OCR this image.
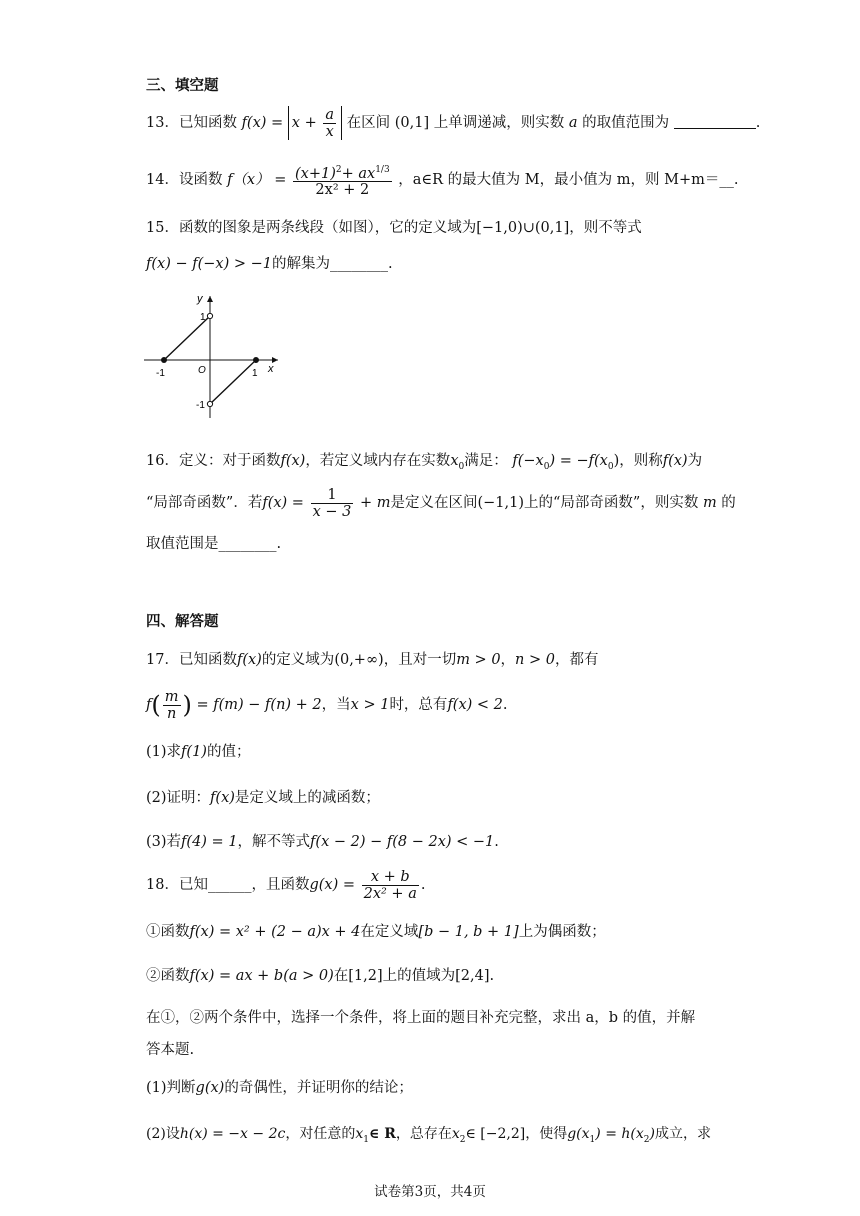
三、填空题
13．已知函数 $f(x) = x + \frac{a}{x}$ 在区间 (0,1] 上单调递减，则实数 a 的取值范围为	.
14．设函数 $f(x) = \frac{(x+1)^2+ ax^{1/3}}{\text{2x² + 2}}$ ，a∈R 的最大值为 M，最小值为 m，则 M+m＝__.
15．函数的图象是两条线段（如图），它的定义域为[−1,0)∪(0,1]，则不等式
f(x) − f(−x) > −1的解集为________.
y
x
O
1
-1
-1	1
16．定义：对于函数f(x)，若定义域内存在实数$x_0$满足： $f(-x_0) = -f(x_0)$，则称f(x)为
“局部奇函数”．若$f(x) = \frac{1}{x - 3} + m$是定义在区间(−1,1)上的“局部奇函数”，则实数 m 的
取值范围是________.
四、解答题
17．已知函数f(x)的定义域为(0,+∞)，且对一切m > 0，n > 0，都有
$f( \frac{m}{n}$ ) = f(m) − f(n) + 2，当x > 1时，总有f(x) < 2.
(1)求f(1)的值；
(2)证明：f(x)是定义域上的减函数；
(3)若f(4) = 1，解不等式f(x − 2) − f(8 − 2x) < −1.
18．已知______，且函数$g(x) = \frac{x + b}{\text{2x² + a}}$ .
①函数f(x) = x² + (2 − a)x + 4在定义域[b − 1, b + 1]上为偶函数；
②函数f(x) = ax + b(a > 0)在[1,2]上的值域为[2,4].
在①，②两个条件中，选择一个条件，将上面的题目补充完整，求出 a，b 的值，并解
答本题.
(1)判断g(x)的奇偶性，并证明你的结论；
(2)设h(x) = −x − 2c，对任意的$x_1\in$ R，总存在$x_2\in$ [−2,2]，使得$g(x_1) = h(x_2)$成立，求
试卷第3页，共4页
